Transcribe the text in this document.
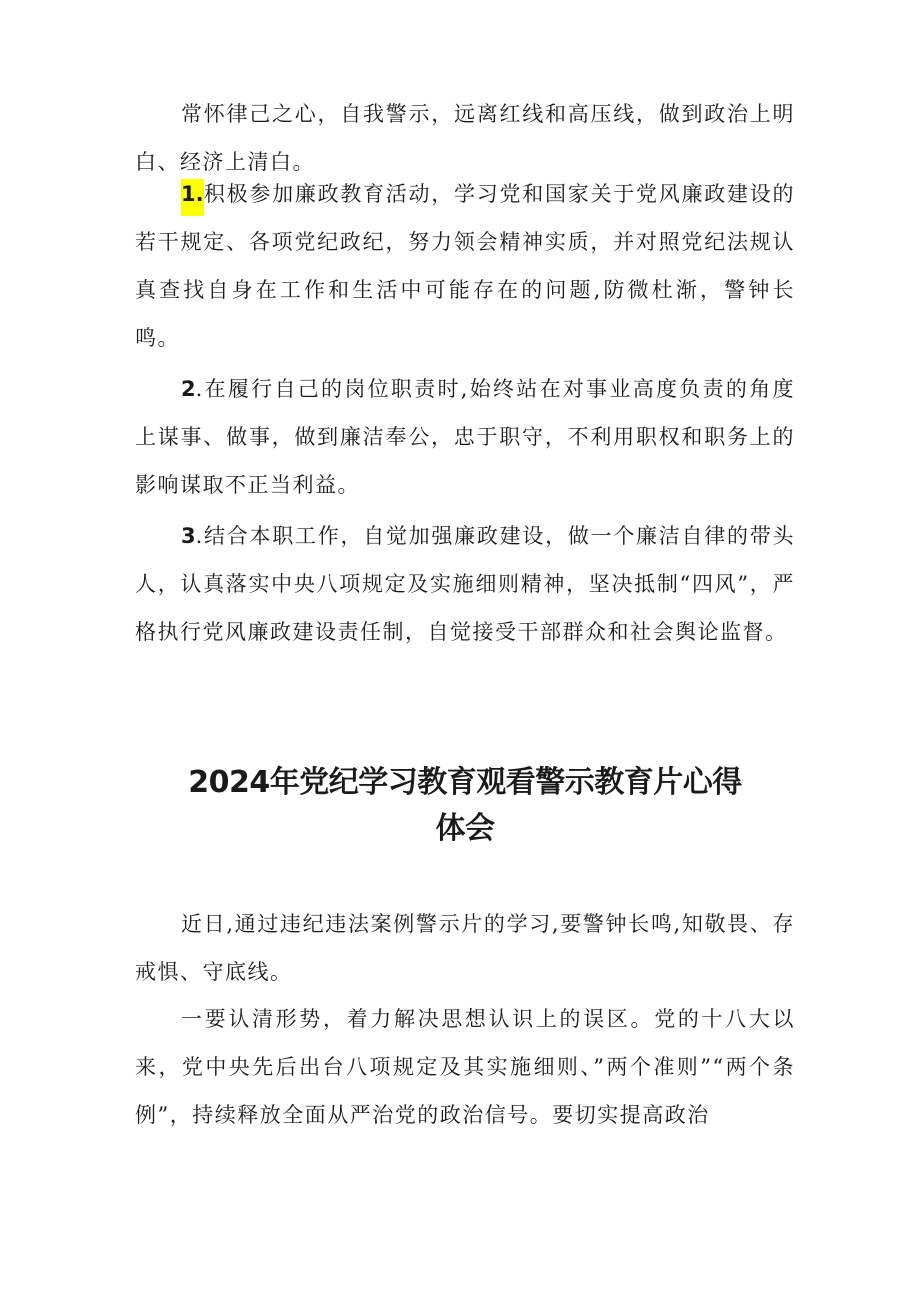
常怀律己之心，自我警示，远离红线和高压线，做到政治上明白、经济上清白。

1.积极参加廉政教育活动，学习党和国家关于党风廉政建设的若干规定、各项党纪政纪，努力领会精神实质，并对照党纪法规认真查找自身在工作和生活中可能存在的问题,防微杜渐，警钟长鸣。

2.在履行自己的岗位职责时,始终站在对事业高度负责的角度上谋事、做事，做到廉洁奉公，忠于职守，不利用职权和职务上的影响谋取不正当利益。

3.结合本职工作，自觉加强廉政建设，做一个廉洁自律的带头人，认真落实中央八项规定及实施细则精神，坚决抵制“四风”，严格执行党风廉政建设责任制，自觉接受干部群众和社会舆论监督。

2024年党纪学习教育观看警示教育片心得
体会

近日,通过违纪违法案例警示片的学习,要警钟长鸣,知敬畏、存戒惧、守底线。

一要认清形势，着力解决思想认识上的误区。党的十八大以来，党中央先后出台八项规定及其实施细则、”两个准则”“两个条例”，持续释放全面从严治党的政治信号。要切实提高政治
